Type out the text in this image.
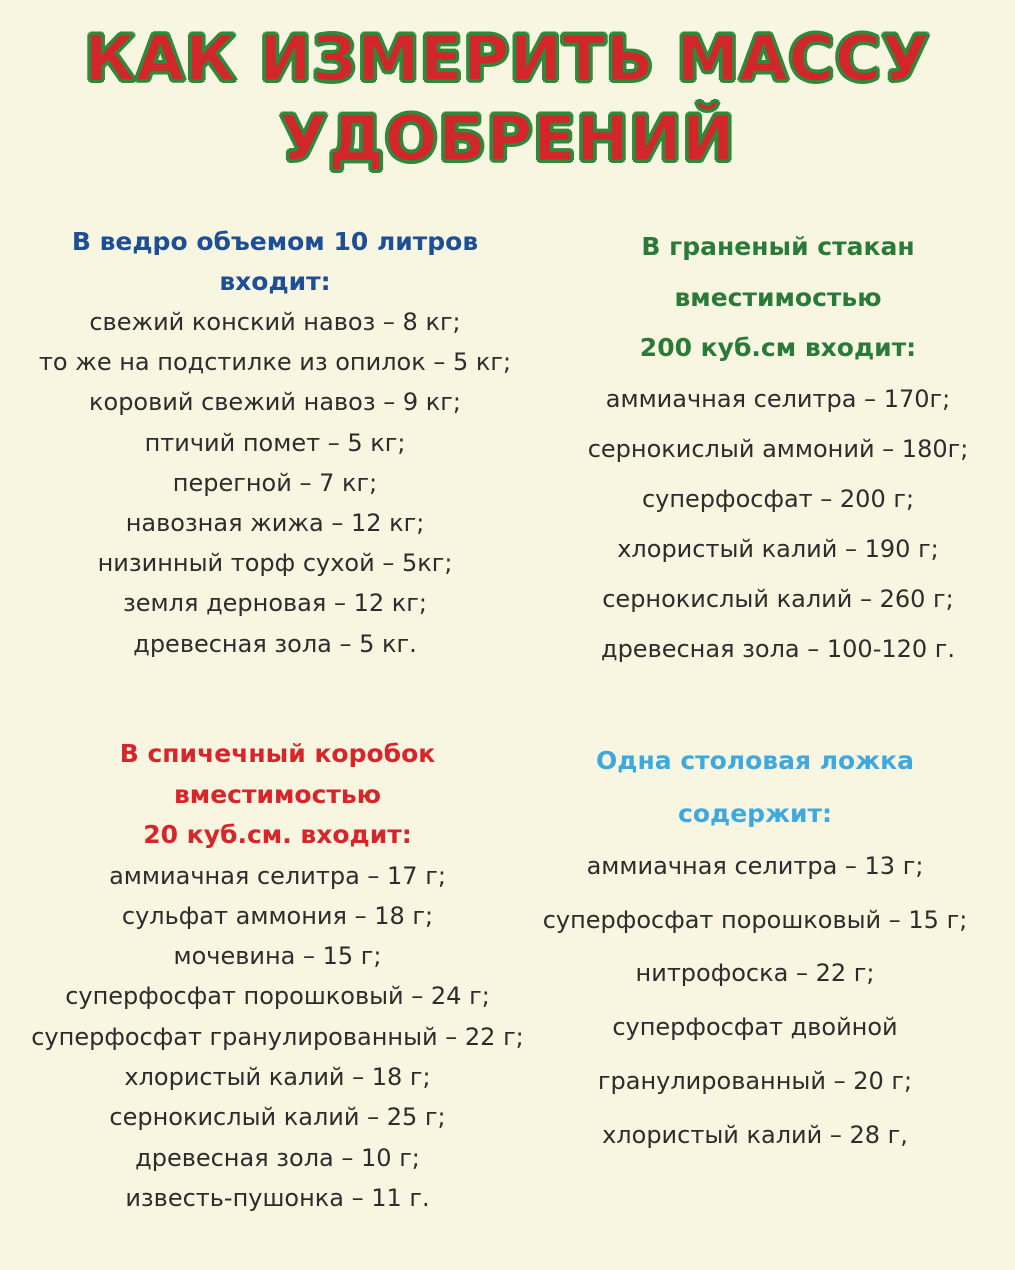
КАК ИЗМЕРИТЬ МАССУ
УДОБРЕНИЙ
В ведро объемом 10 литров
входит:
свежий конский навоз – 8 кг;
то же на подстилке из опилок – 5 кг;
коровий свежий навоз – 9 кг;
птичий помет – 5 кг;
перегной – 7 кг;
навозная жижа – 12 кг;
низинный торф сухой – 5кг;
земля дерновая – 12 кг;
древесная зола – 5 кг.
В граненый стакан
вместимостью
200 куб.см входит:
аммиачная селитра – 170г;
сернокислый аммоний – 180г;
суперфосфат – 200 г;
хлористый калий – 190 г;
сернокислый калий – 260 г;
древесная зола – 100-120 г.
В спичечный коробок
вместимостью
20 куб.см. входит:
аммиачная селитра – 17 г;
сульфат аммония – 18 г;
мочевина – 15 г;
суперфосфат порошковый – 24 г;
суперфосфат гранулированный – 22 г;
хлористый калий – 18 г;
сернокислый калий – 25 г;
древесная зола – 10 г;
известь-пушонка – 11 г.
Одна столовая ложка
содержит:
аммиачная селитра – 13 г;
суперфосфат порошковый – 15 г;
нитрофоска – 22 г;
суперфосфат двойной
гранулированный – 20 г;
хлористый калий – 28 г,
